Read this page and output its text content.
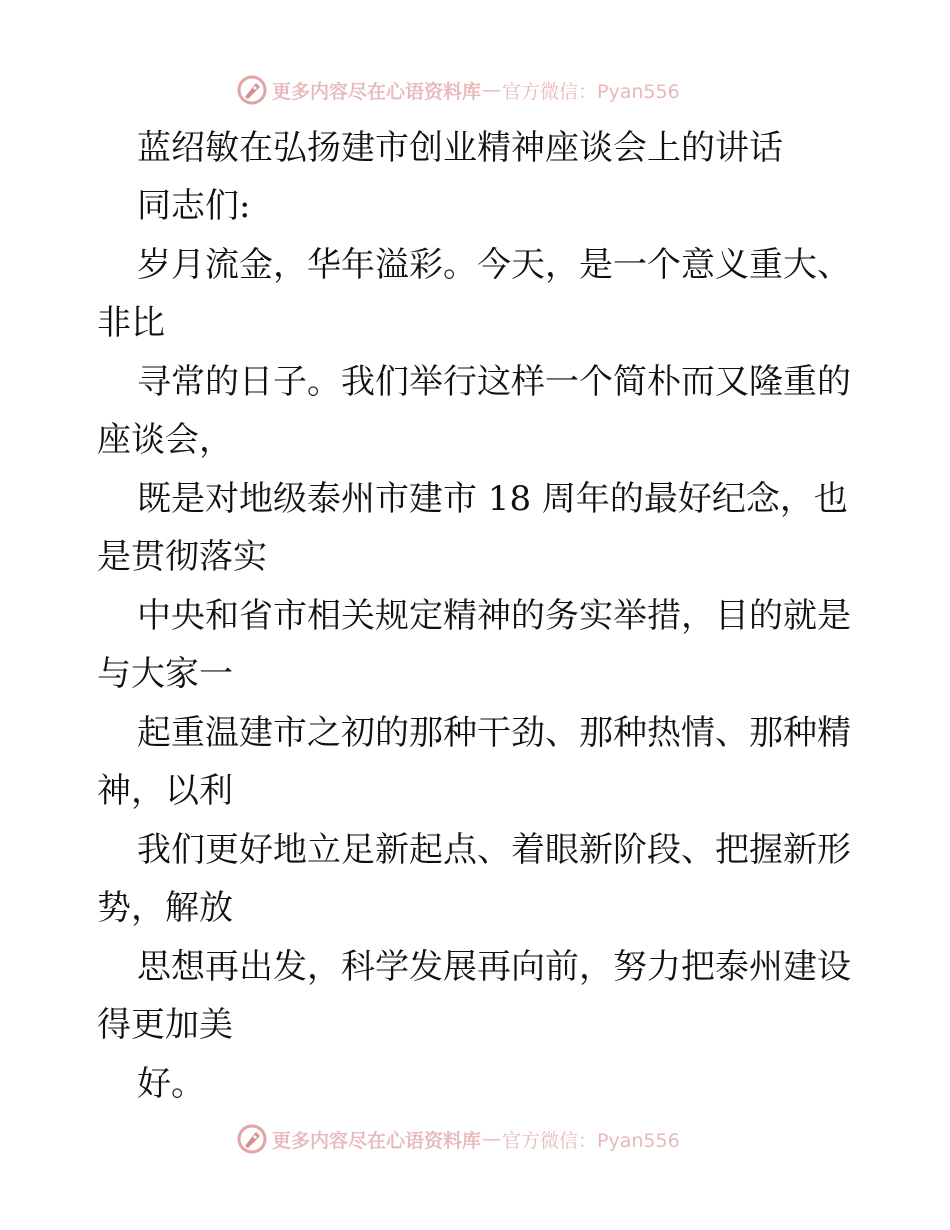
更多内容尽在心语资料库 — 官方微信：Pyan556
蓝绍敏在弘扬建市创业精神座谈会上的讲话
同志们:
岁月流金，华年溢彩。今天，是一个意义重大、
非比
寻常的日子。我们举行这样一个简朴而又隆重的
座谈会，
既是对地级泰州市建市 18 周年的最好纪念，也
是贯彻落实
中央和省市相关规定精神的务实举措，目的就是
与大家一
起重温建市之初的那种干劲、那种热情、那种精
神，以利
我们更好地立足新起点、着眼新阶段、把握新形
势，解放
思想再出发，科学发展再向前，努力把泰州建设
得更加美
好。
更多内容尽在心语资料库 — 官方微信：Pyan556
